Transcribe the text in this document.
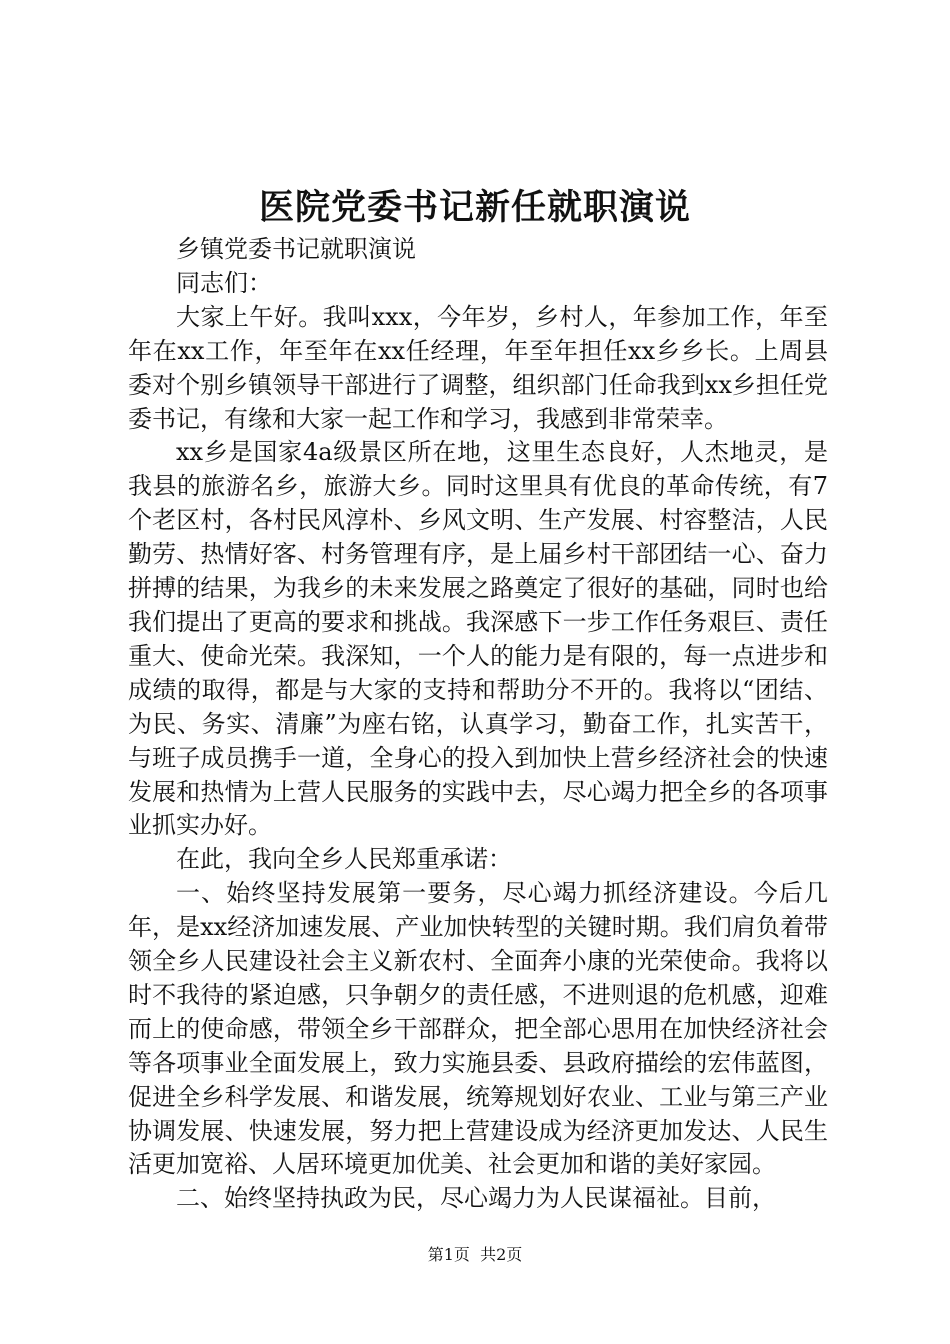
医院党委书记新任就职演说

乡镇党委书记就职演说

同志们：

大家上午好。我叫xxx，今年岁，乡村人，年参加工作，年至年在xx工作，年至年在xx任经理，年至年担任xx乡乡长。上周县委对个别乡镇领导干部进行了调整，组织部门任命我到xx乡担任党委书记，有缘和大家一起工作和学习，我感到非常荣幸。

xx乡是国家4a级景区所在地，这里生态良好，人杰地灵，是我县的旅游名乡，旅游大乡。同时这里具有优良的革命传统，有7个老区村，各村民风淳朴、乡风文明、生产发展、村容整洁，人民勤劳、热情好客、村务管理有序，是上届乡村干部团结一心、奋力拼搏的结果，为我乡的未来发展之路奠定了很好的基础，同时也给我们提出了更高的要求和挑战。我深感下一步工作任务艰巨、责任重大、使命光荣。我深知，一个人的能力是有限的，每一点进步和成绩的取得，都是与大家的支持和帮助分不开的。我将以“团结、为民、务实、清廉”为座右铭，认真学习，勤奋工作，扎实苦干，与班子成员携手一道，全身心的投入到加快上营乡经济社会的快速发展和热情为上营人民服务的实践中去，尽心竭力把全乡的各项事业抓实办好。

在此，我向全乡人民郑重承诺：

一、始终坚持发展第一要务，尽心竭力抓经济建设。今后几年，是xx经济加速发展、产业加快转型的关键时期。我们肩负着带领全乡人民建设社会主义新农村、全面奔小康的光荣使命。我将以时不我待的紧迫感，只争朝夕的责任感，不进则退的危机感，迎难而上的使命感，带领全乡干部群众，把全部心思用在加快经济社会等各项事业全面发展上，致力实施县委、县政府描绘的宏伟蓝图，促进全乡科学发展、和谐发展，统筹规划好农业、工业与第三产业协调发展、快速发展，努力把上营建设成为经济更加发达、人民生活更加宽裕、人居环境更加优美、社会更加和谐的美好家园。

二、始终坚持执政为民，尽心竭力为人民谋福祉。目前，

第1页 共2页
